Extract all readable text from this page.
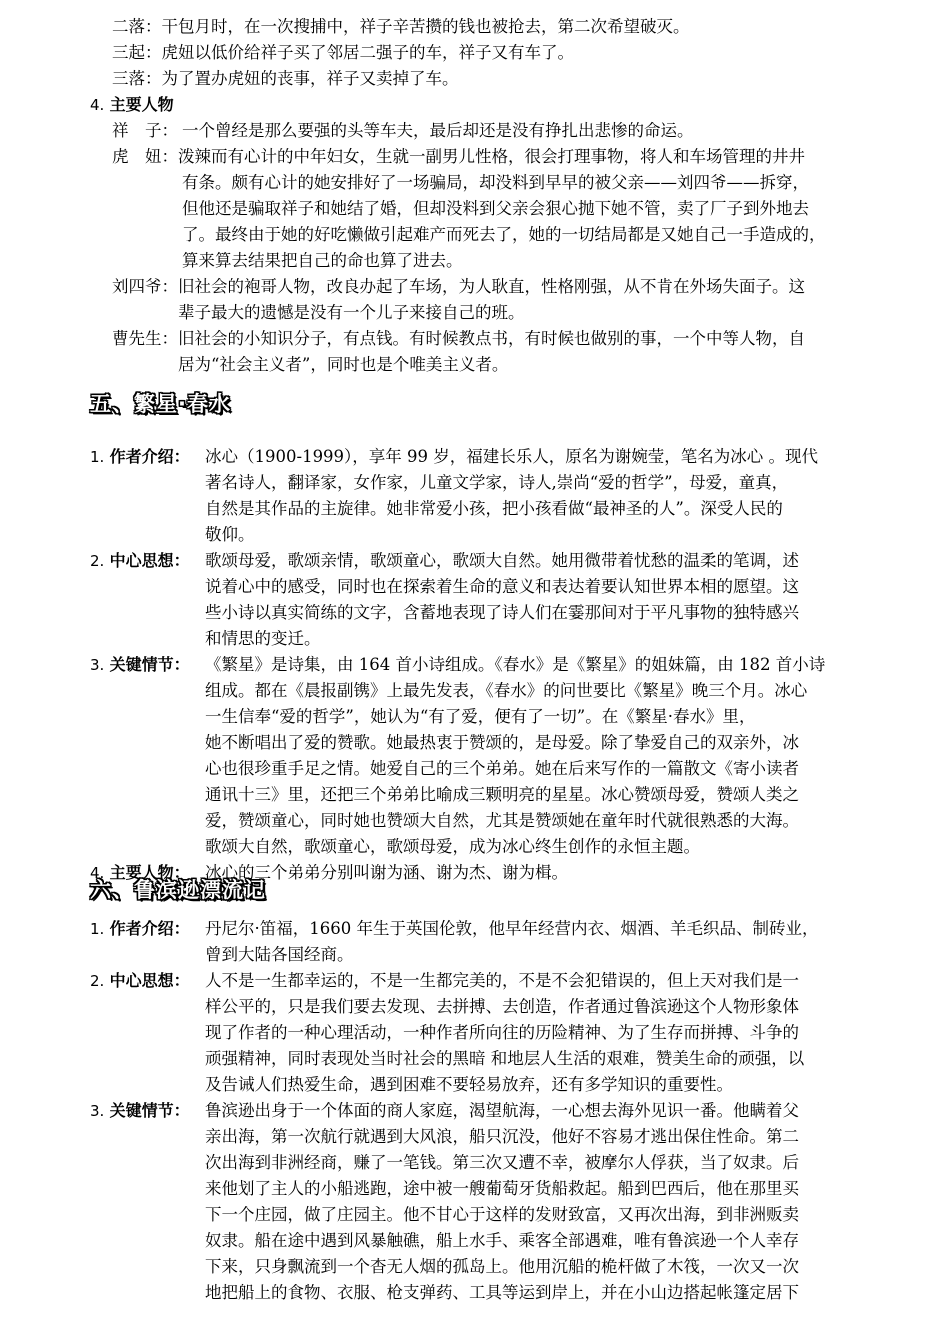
二落：干包月时，在一次搜捕中，祥子辛苦攒的钱也被抢去，第二次希望破灭。
三起：虎妞以低价给祥子买了邻居二强子的车，祥子又有车了。
三落：为了置办虎妞的丧事，祥子又卖掉了车。
4. 主要人物
祥　子： 一个曾经是那么要强的头等车夫，最后却还是没有挣扎出悲惨的命运。
虎　妞： 泼辣而有心计的中年妇女，生就一副男儿性格，很会打理事物，将人和车场管理的井井
有条。颇有心计的她安排好了一场骗局，却没料到早早的被父亲——刘四爷——拆穿，
但他还是骗取祥子和她结了婚，但却没料到父亲会狠心抛下她不管，卖了厂子到外地去
了。最终由于她的好吃懒做引起难产而死去了，她的一切结局都是又她自己一手造成的，
算来算去结果把自己的命也算了进去。
刘四爷： 旧社会的袍哥人物，改良办起了车场，为人耿直，性格刚强，从不肯在外场失面子。这
辈子最大的遗憾是没有一个儿子来接自己的班。
曹先生： 旧社会的小知识分子，有点钱。有时候教点书，有时候也做别的事，一个中等人物，自
居为“社会主义者”，同时也是个唯美主义者。
五、繁星·春水
1. 作者介绍： 冰心（1900-1999），享年 99 岁，福建长乐人，原名为谢婉莹，笔名为冰心 。现代
著名诗人，翻译家，女作家，儿童文学家，诗人,崇尚“爱的哲学”，母爱，童真，
自然是其作品的主旋律。她非常爱小孩，把小孩看做“最神圣的人”。深受人民的
敬仰。
2. 中心思想： 歌颂母爱，歌颂亲情，歌颂童心，歌颂大自然。她用微带着忧愁的温柔的笔调，述
说着心中的感受，同时也在探索着生命的意义和表达着要认知世界本相的愿望。这
些小诗以真实简练的文字，含蓄地表现了诗人们在霎那间对于平凡事物的独特感兴
和情思的变迁。
3. 关键情节： 《繁星》是诗集，由 164 首小诗组成。《春水》是《繁星》的姐妹篇，由 182 首小诗
组成。都在《晨报副镌》上最先发表，《春水》的问世要比《繁星》晚三个月。冰心
一生信奉“爱的哲学”，她认为“有了爱，便有了一切”。在《繁星·春水》里，
她不断唱出了爱的赞歌。她最热衷于赞颂的，是母爱。除了挚爱自己的双亲外，冰
心也很珍重手足之情。她爱自己的三个弟弟。她在后来写作的一篇散文《寄小读者
通讯十三》里，还把三个弟弟比喻成三颗明亮的星星。冰心赞颂母爱，赞颂人类之
爱，赞颂童心，同时她也赞颂大自然，尤其是赞颂她在童年时代就很熟悉的大海。
歌颂大自然，歌颂童心，歌颂母爱，成为冰心终生创作的永恒主题。
4. 主要人物： 冰心的三个弟弟分别叫谢为涵、谢为杰、谢为楫。
六、鲁滨逊漂流记
1. 作者介绍： 丹尼尔·笛福，1660 年生于英国伦敦，他早年经营内衣、烟酒、羊毛织品、制砖业，
曾到大陆各国经商。
2. 中心思想： 人不是一生都幸运的，不是一生都完美的，不是不会犯错误的，但上天对我们是一
样公平的，只是我们要去发现、去拼搏、去创造，作者通过鲁滨逊这个人物形象体
现了作者的一种心理活动，一种作者所向往的历险精神、为了生存而拼搏、斗争的
顽强精神，同时表现处当时社会的黑暗 和地层人生活的艰难，赞美生命的顽强，以
及告诫人们热爱生命，遇到困难不要轻易放弃，还有多学知识的重要性。
3. 关键情节： 鲁滨逊出身于一个体面的商人家庭，渴望航海，一心想去海外见识一番。他瞒着父
亲出海，第一次航行就遇到大风浪，船只沉没，他好不容易才逃出保住性命。第二
次出海到非洲经商，赚了一笔钱。第三次又遭不幸，被摩尔人俘获，当了奴隶。后
来他划了主人的小船逃跑，途中被一艘葡萄牙货船救起。船到巴西后，他在那里买
下一个庄园，做了庄园主。他不甘心于这样的发财致富，又再次出海，到非洲贩卖
奴隶。船在途中遇到风暴触礁，船上水手、乘客全部遇难，唯有鲁滨逊一个人幸存
下来，只身飘流到一个杳无人烟的孤岛上。他用沉船的桅杆做了木筏，一次又一次
地把船上的食物、衣服、枪支弹药、工具等运到岸上，并在小山边搭起帐篷定居下
